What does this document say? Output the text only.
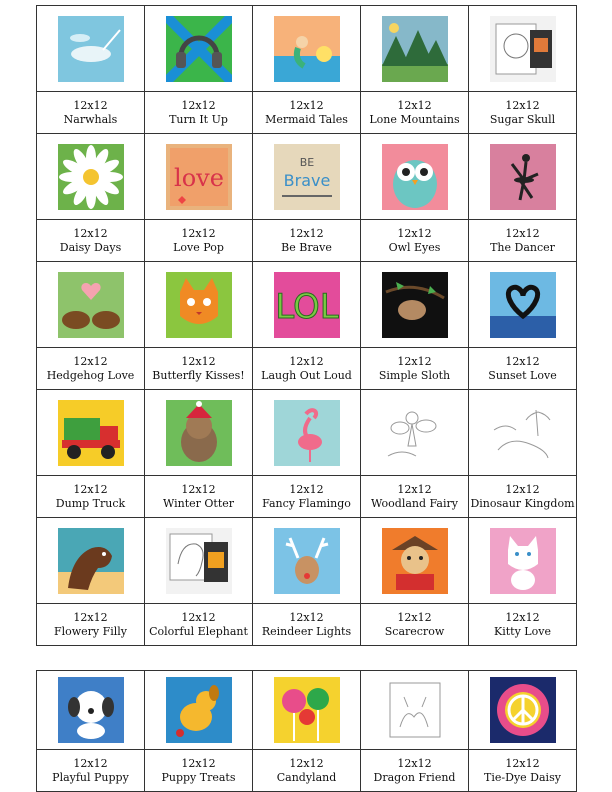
12x12
Narwhals
12x12
Turn It Up
12x12
Mermaid Tales
12x12
Lone Mountains
12x12
Sugar Skull
12x12
Daisy Days
love
12x12
Love Pop
BE
Brave
12x12
Be Brave
12x12
Owl Eyes
12x12
The Dancer
12x12
Hedgehog Love
12x12
Butterfly Kisses!
LOL
12x12
Laugh Out Loud
12x12
Simple Sloth
12x12
Sunset Love
12x12
Dump Truck
12x12
Winter Otter
12x12
Fancy Flamingo
12x12
Woodland Fairy
12x12
Dinosaur Kingdom
12x12
Flowery Filly
12x12
Colorful Elephant
12x12
Reindeer Lights
12x12
Scarecrow
12x12
Kitty Love
12x12
Playful Puppy
12x12
Puppy Treats
12x12
Candyland
12x12
Dragon Friend
12x12
Tie-Dye Daisy
